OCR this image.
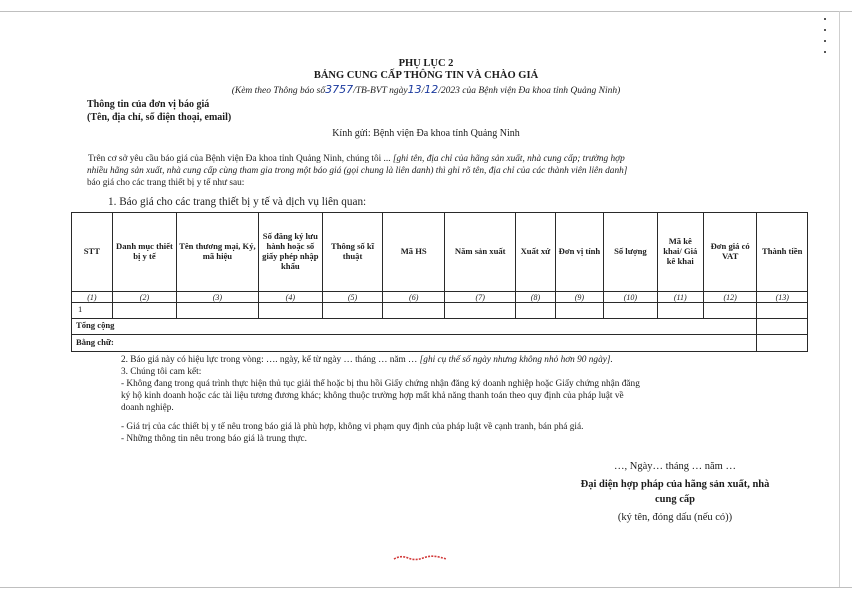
PHỤ LỤC 2
BẢNG CUNG CẤP THÔNG TIN VÀ CHÀO GIÁ
(Kèm theo Thông báo số3757/TB-BVT ngày13/12/2023 của Bệnh viện Đa khoa tỉnh Quảng Ninh)
Thông tin của đơn vị báo giá
(Tên, địa chỉ, số điện thoại, email)
Kính gửi: Bệnh viện Đa khoa tỉnh Quảng Ninh
Trên cơ sở yêu cầu báo giá của Bệnh viện Đa khoa tỉnh Quảng Ninh, chúng tôi ... [ghi tên, địa chỉ của hãng sản xuất, nhà cung cấp; trường hợp
nhiều hãng sản xuất, nhà cung cấp cùng tham gia trong một báo giá (gọi chung là liên danh) thì ghi rõ tên, địa chỉ của các thành viên liên danh]
báo giá cho các trang thiết bị y tế như sau:
1. Báo giá cho các trang thiết bị y tế và dịch vụ liên quan:
STT	Danh mục thiết bị y tế	Tên thương mại, Ký, mã hiệu	Số đăng ký lưu hành hoặc số giấy phép nhập khẩu	Thông số kĩ thuật	Mã HS	Năm sản xuất	Xuất xứ	Đơn vị tính	Số lượng	Mã kê khai/ Giá kê khai	Đơn giá có VAT	Thành tiền
(1)	(2)	(3)	(4)	(5)	(6)	(7)	(8)	(9)	(10)	(11)	(12)	(13)
1												
Tổng cộng												
Bằng chữ:												
2. Báo giá này có hiệu lực trong vòng: …. ngày, kể từ ngày … tháng … năm … [ghi cụ thể số ngày nhưng không nhỏ hơn 90 ngày].
3. Chúng tôi cam kết:
- Không đang trong quá trình thực hiện thủ tục giải thể hoặc bị thu hồi Giấy chứng nhận đăng ký doanh nghiệp hoặc Giấy chứng nhận đăng
ký hộ kinh doanh hoặc các tài liệu tương đương khác; không thuộc trường hợp mất khả năng thanh toán theo quy định của pháp luật về
doanh nghiệp.
- Giá trị của các thiết bị y tế nêu trong báo giá là phù hợp, không vi phạm quy định của pháp luật về cạnh tranh, bán phá giá.
- Những thông tin nêu trong báo giá là trung thực.
…, Ngày… tháng … năm …
Đại diện hợp pháp của hãng sản xuất, nhà
cung cấp
(ký tên, đóng dấu (nếu có))
